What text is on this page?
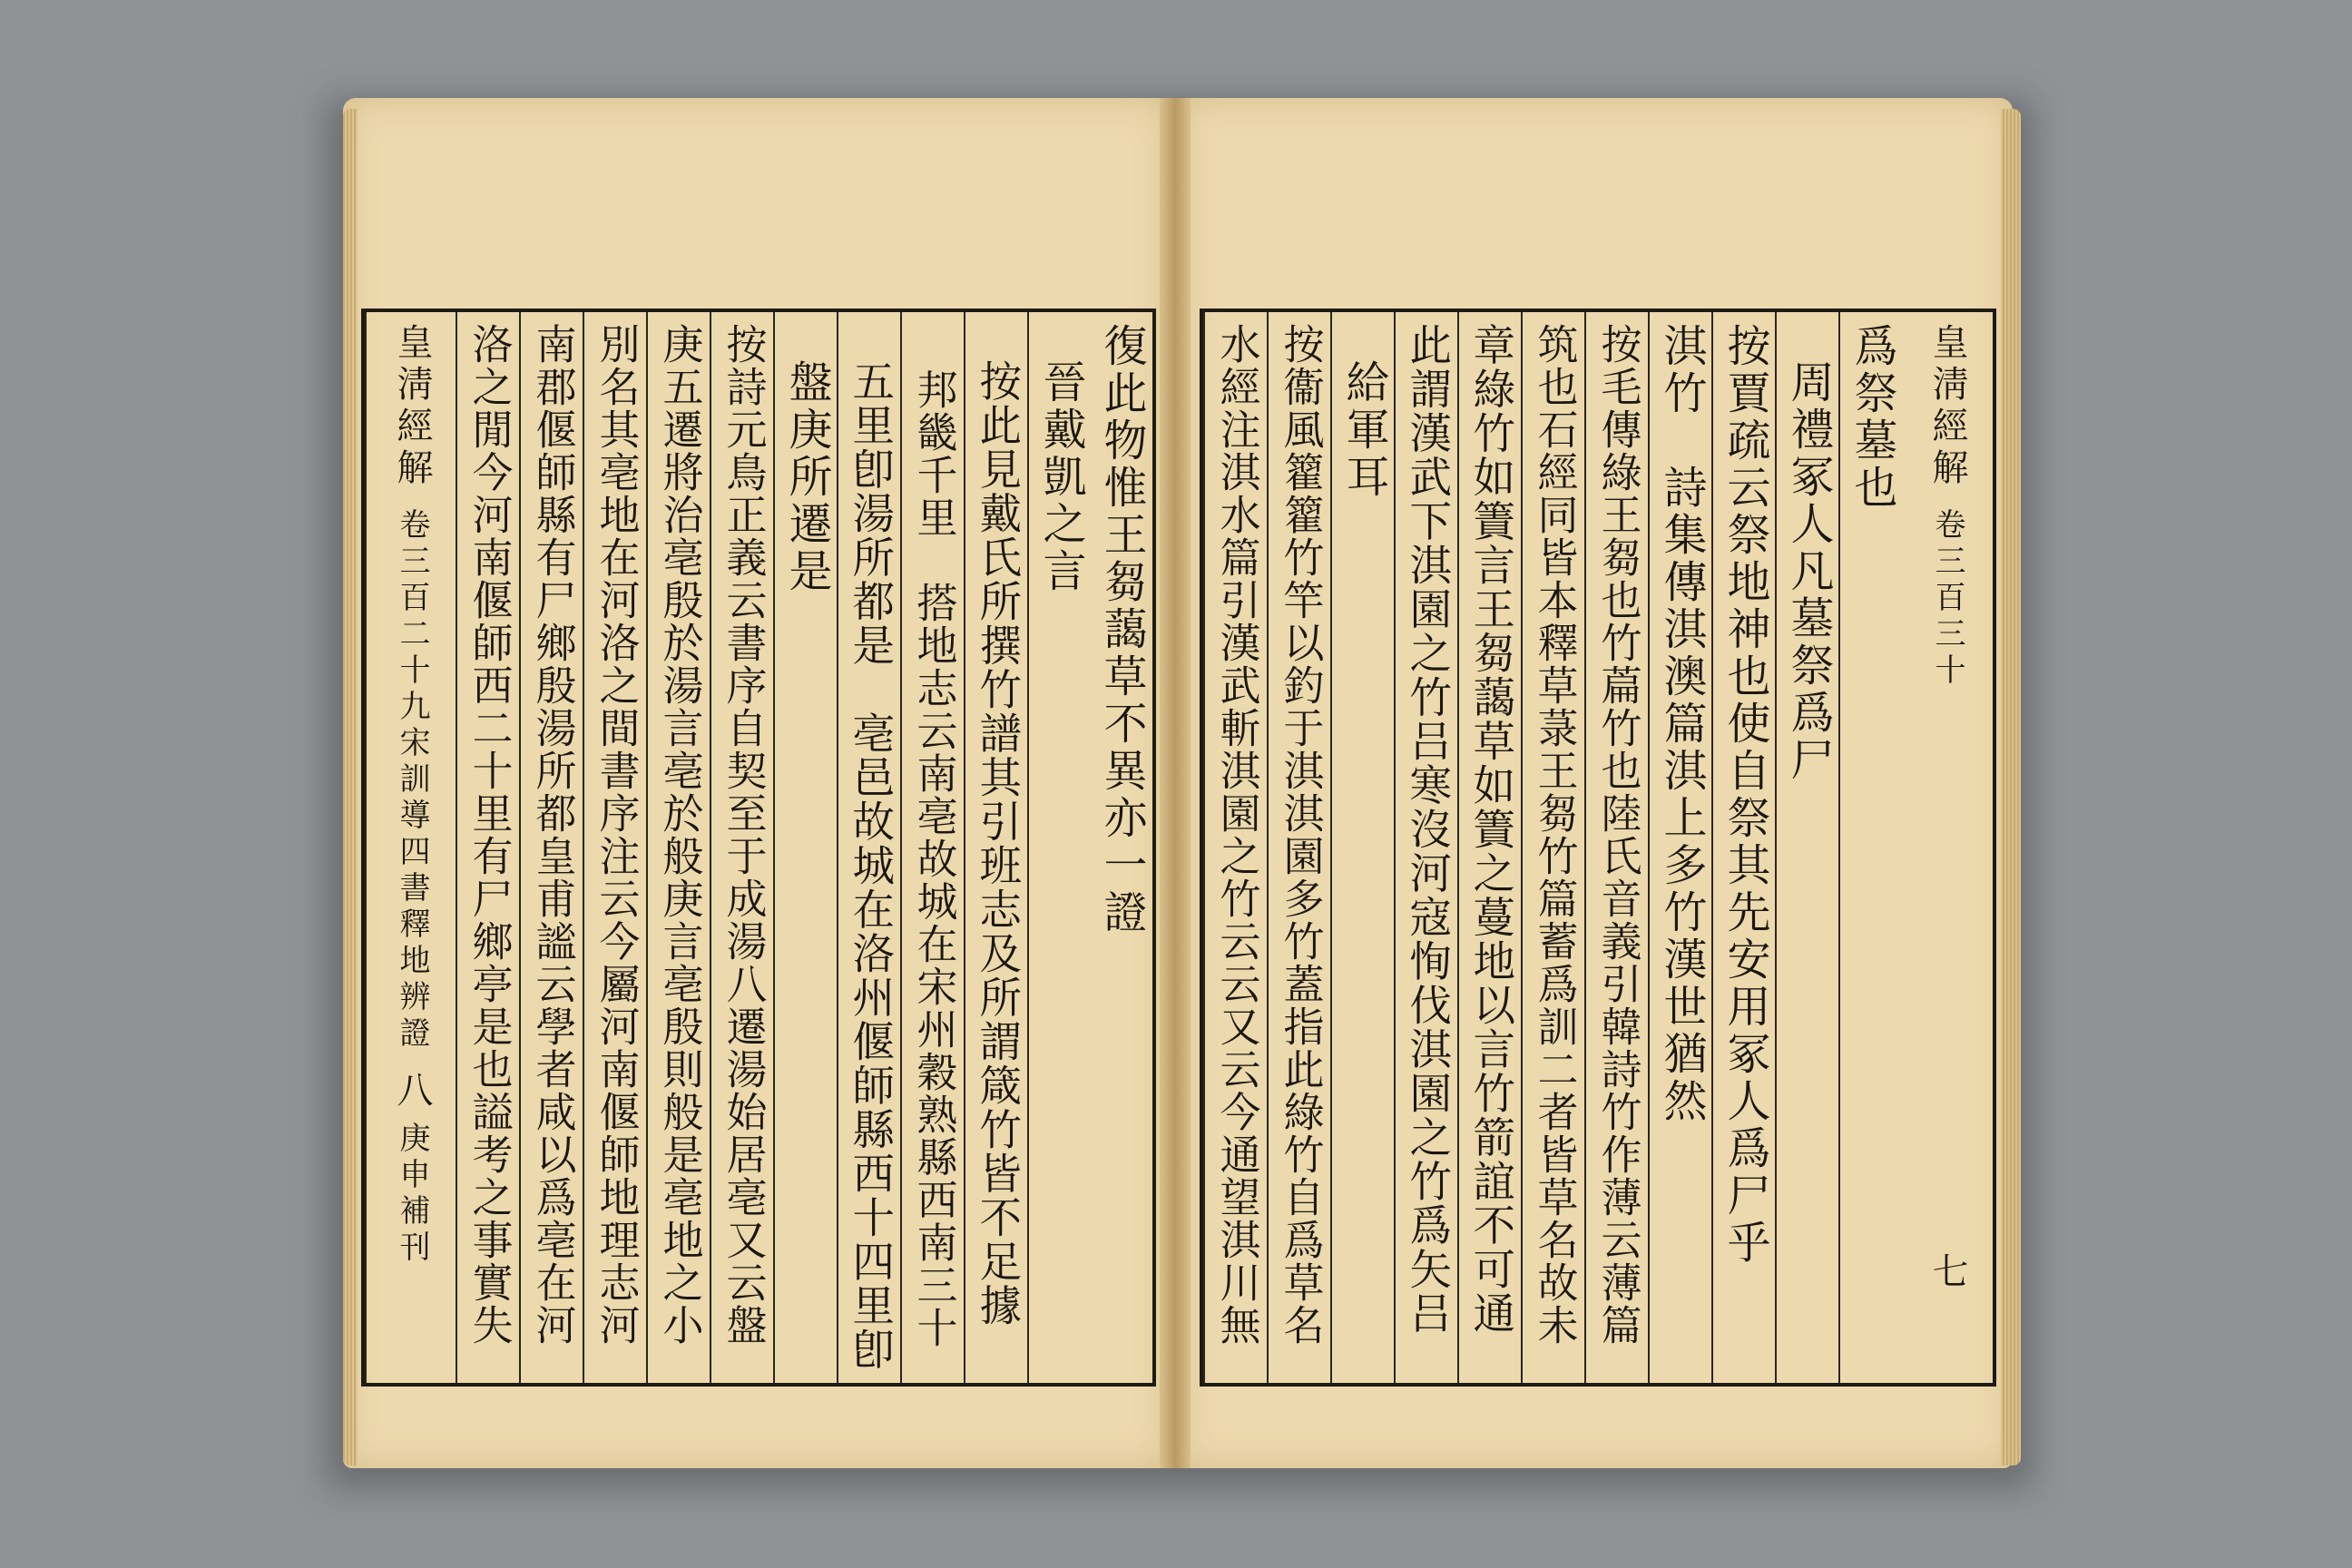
復此物惟王芻藹草不異亦一證
晉戴凱之言
按此見戴氏所撰竹譜其引班志及所謂箴竹皆不足據
邦畿千里　搭地志云南亳故城在宋州穀熟縣西南三十
五里卽湯所都是　亳邑故城在洛州偃師縣西十四里卽
盤庚所遷是
按詩元鳥正義云書序自契至于成湯八遷湯始居亳又云盤
庚五遷將治亳殷於湯言亳於般庚言亳殷則般是亳地之小
別名其亳地在河洛之間書序注云今屬河南偃師地理志河
南郡偃師縣有尸鄉殷湯所都皇甫謐云學者咸以爲亳在河
洛之閒今河南偃師西二十里有尸鄉亭是也謚考之事實失
皇淸經解
卷三百二十九宋訓導四書釋地辨證
八
庚申補刊
皇淸經解
卷三百三十
七
爲祭墓也
周禮冢人凡墓祭爲尸
按賈疏云祭地神也使自祭其先安用冢人爲尸乎
淇竹　詩集傳淇澳篇淇上多竹漢世猶然
按毛傳綠王芻也竹萹竹也陸氏音義引韓詩竹作薄云薄篇
筑也石經同皆本釋草菉王芻竹篇蓄爲訓二者皆草名故未
章綠竹如簀言王芻藹草如簀之蔓地以言竹箭誼不可通
此謂漢武下淇園之竹吕寒沒河寇恂伐淇園之竹爲矢吕
給軍耳
按衞風籊籊竹竿以釣于淇淇園多竹蓋指此綠竹自爲草名
水經注淇水篇引漢武斬淇園之竹云云又云今通望淇川無
